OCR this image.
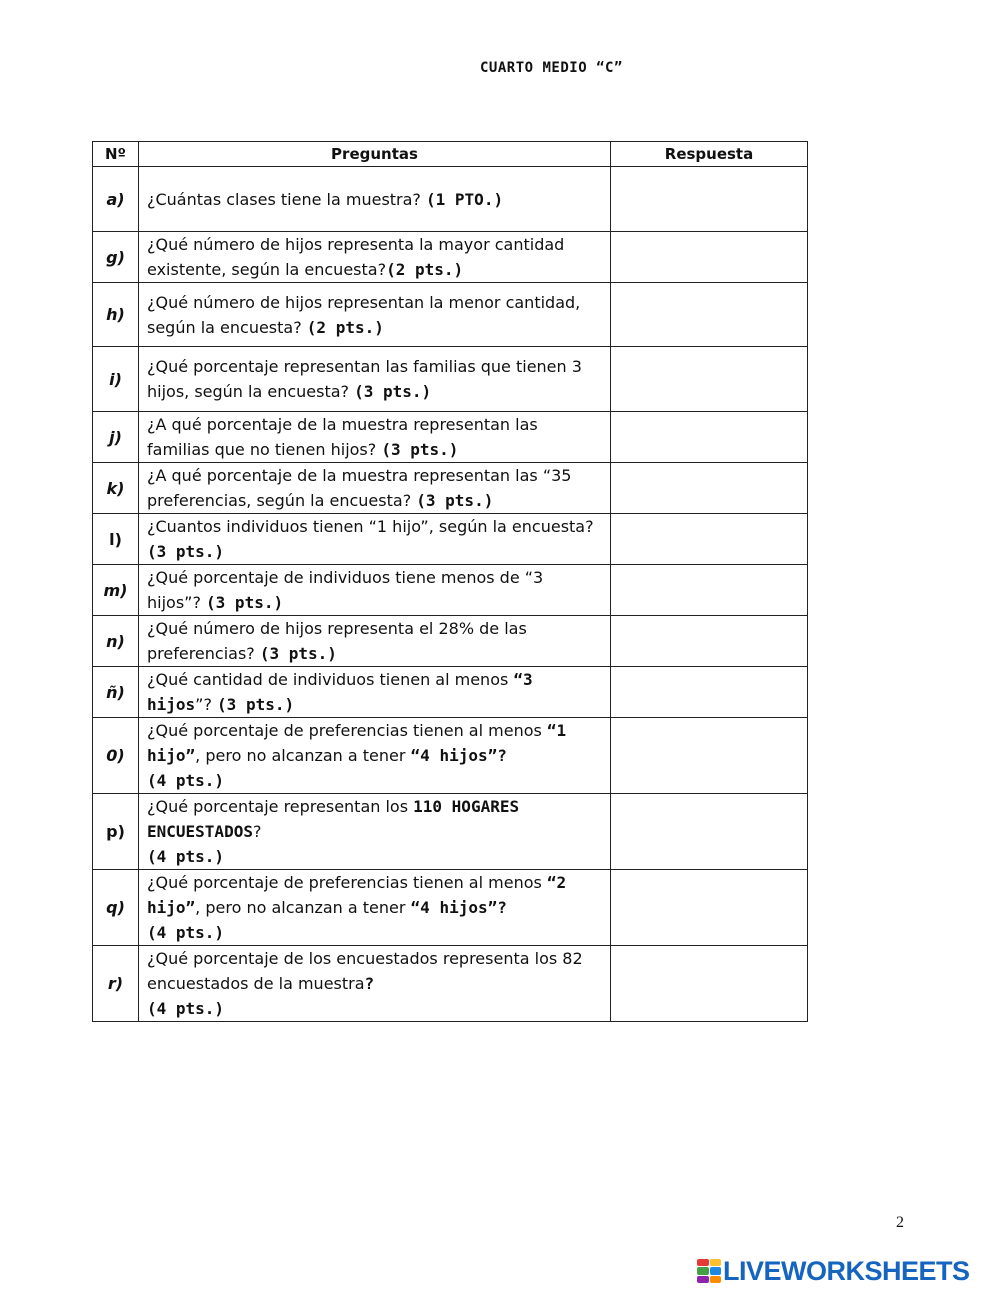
CUARTO MEDIO “C”
Nº	Preguntas	Respuesta
a)	¿Cuántas clases tiene la muestra? (1 PTO.)	
g)	¿Qué número de hijos representa la mayor cantidad existente, según la encuesta?(2 pts.)	
h)	¿Qué número de hijos representan la menor cantidad, según la encuesta? (2 pts.)	
i)	¿Qué porcentaje representan las familias que tienen 3 hijos, según la encuesta? (3 pts.)	
j)	¿A qué porcentaje de la muestra representan las familias que no tienen hijos? (3 pts.)	
k)	¿A qué porcentaje de la muestra representan las “35 preferencias, según la encuesta? (3 pts.)	
l)	¿Cuantos individuos tienen “1 hijo”, según la encuesta? (3 pts.)	
m)	¿Qué porcentaje de individuos tiene menos de “3 hijos”? (3 pts.)	
n)	¿Qué número de hijos representa el 28% de las preferencias? (3 pts.)	
ñ)	¿Qué cantidad de individuos tienen al menos “3 hijos”? (3 pts.)	
0)	¿Qué porcentaje de preferencias tienen al menos “1 hijo”, pero no alcanzan a tener “4 hijos”?
(4 pts.)	
p)	¿Qué porcentaje representan los 110 HOGARES ENCUESTADOS?
(4 pts.)	
q)	¿Qué porcentaje de preferencias tienen al menos “2 hijo”, pero no alcanzan a tener “4 hijos”?
(4 pts.)	
r)	¿Qué porcentaje de los encuestados representa los 82 encuestados de la muestra?
(4 pts.)	
2
LIVEWORKSHEETS
